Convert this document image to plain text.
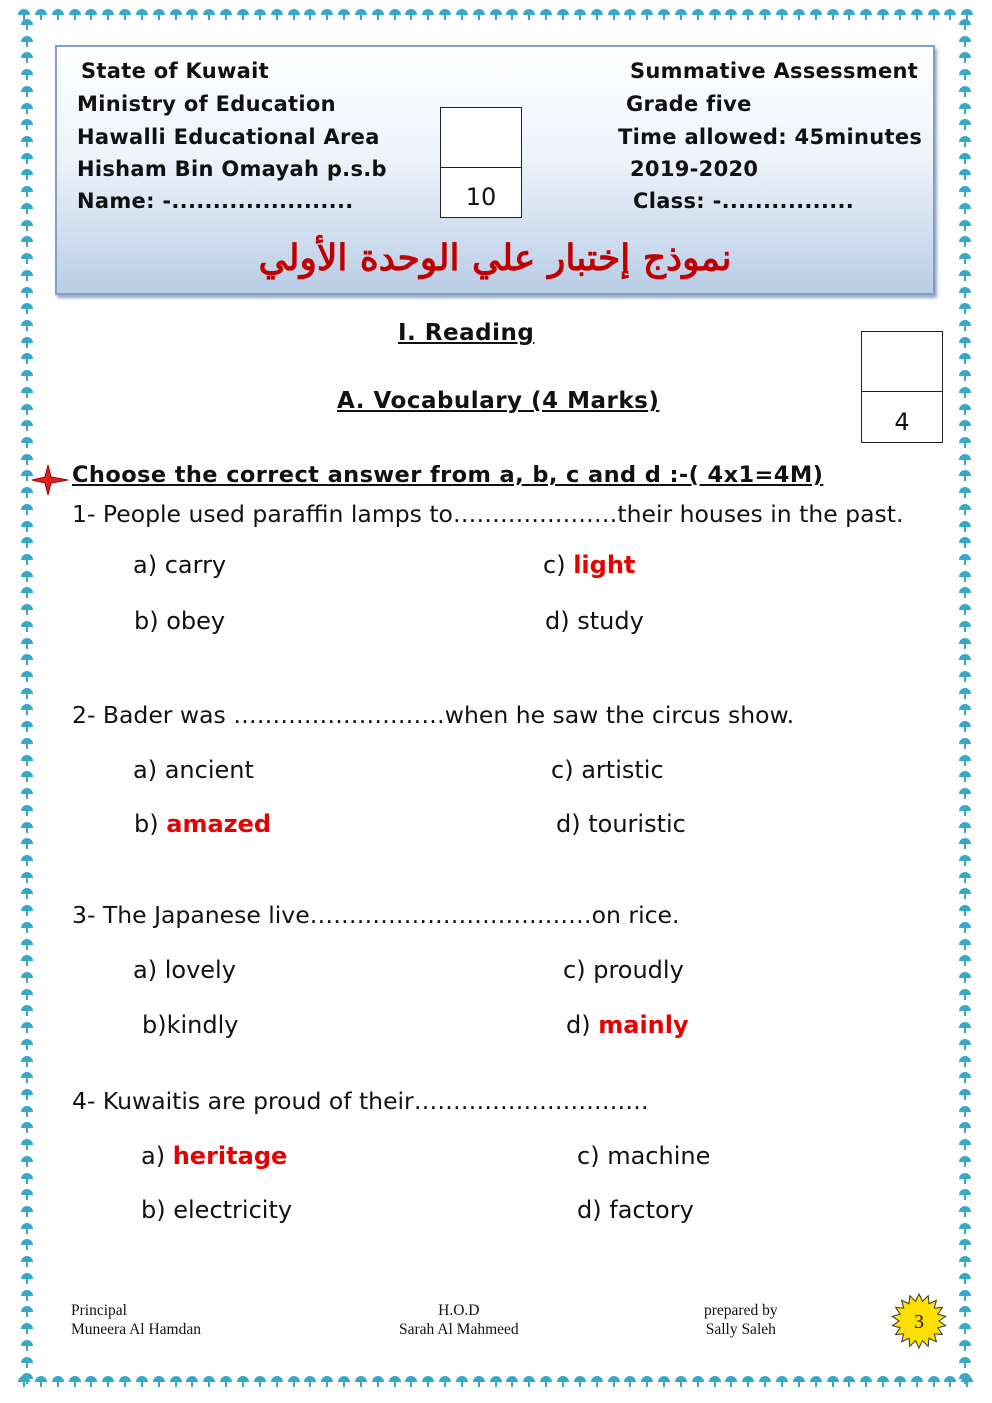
State of Kuwait
Ministry of Education
Hawalli Educational Area
Hisham Bin Omayah p.s.b
Name: -......................
Summative Assessment
Grade five
Time allowed: 45minutes
2019-2020
Class: -................
10
نموذج إختبار علي الوحدة الأولي
I. Reading
A. Vocabulary (4 Marks)
4
Choose the correct answer from a, b, c and d :-( 4x1=4M)
1- People used paraffin lamps to…………………their houses in the past.
a) carry	c) light
b) obey	d) study
2- Bader was ………………………when he saw the circus show.
a) ancient	c) artistic
b) amazed	d) touristic
3- The Japanese live………………………………on rice.
a) lovely	c) proudly
b)kindly	d) mainly
4- Kuwaitis are proud of their…………………………
a) heritage	c) machine
b) electricity	d) factory
Principal
Muneera Al Hamdan
H.O.D
Sarah Al Mahmeed
prepared by
Sally Saleh	3
